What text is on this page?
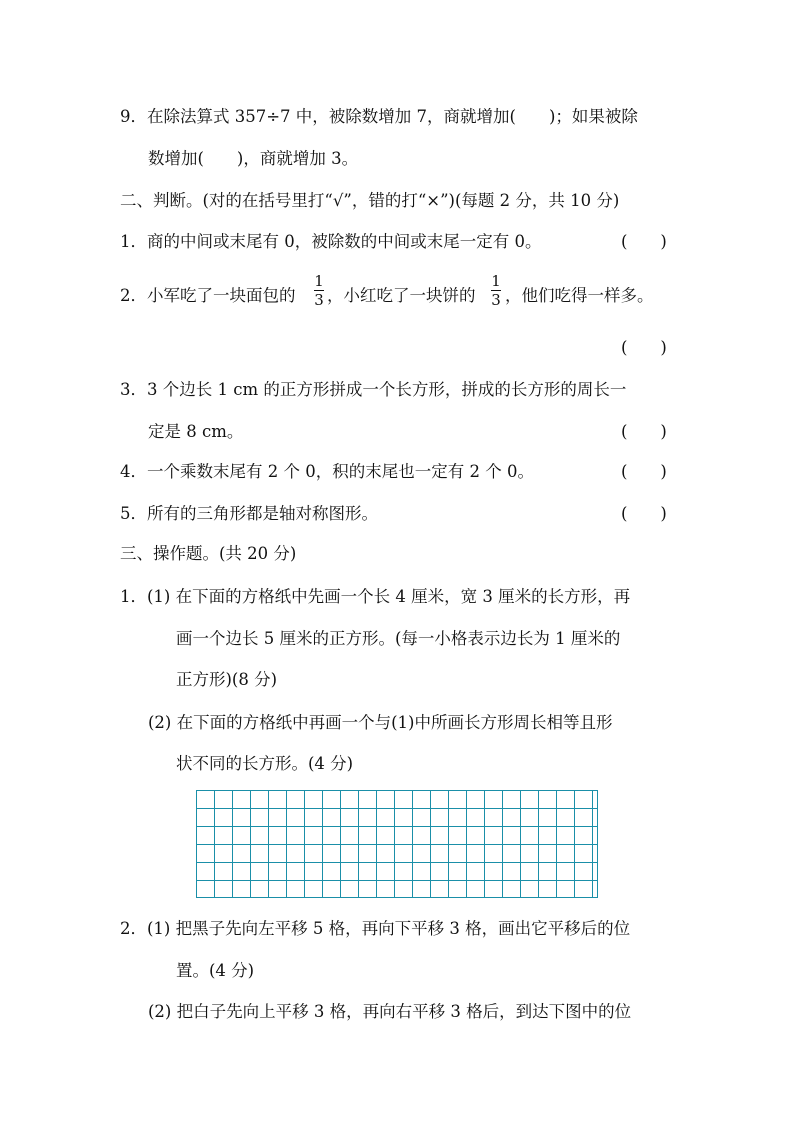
9．在除法算式 357÷7 中，被除数增加 7，商就增加(　　)；如果被除
数增加(　　)，商就增加 3。
二、判断。(对的在括号里打“√”，错的打“×”)(每题 2 分，共 10 分)
1．商的中间或末尾有 0，被除数的中间或末尾一定有 0。	(　　)
2．小军吃了一块面包的
1
3 ，小红吃了一块饼的
1
3 ，他们吃得一样多。
(　　)
3．3 个边长 1 cm 的正方形拼成一个长方形，拼成的长方形的周长一
定是 8 cm。	(　　)
4．一个乘数末尾有 2 个 0，积的末尾也一定有 2 个 0。	(　　)
5．所有的三角形都是轴对称图形。	(　　)
三、操作题。(共 20 分)
1．(1) 在下面的方格纸中先画一个长 4 厘米，宽 3 厘米的长方形，再
画一个边长 5 厘米的正方形。(每一小格表示边长为 1 厘米的
正方形)(8 分)
(2) 在下面的方格纸中再画一个与(1)中所画长方形周长相等且形
状不同的长方形。(4 分)
2．(1) 把黑子先向左平移 5 格，再向下平移 3 格，画出它平移后的位
置。(4 分)
(2) 把白子先向上平移 3 格，再向右平移 3 格后，到达下图中的位
